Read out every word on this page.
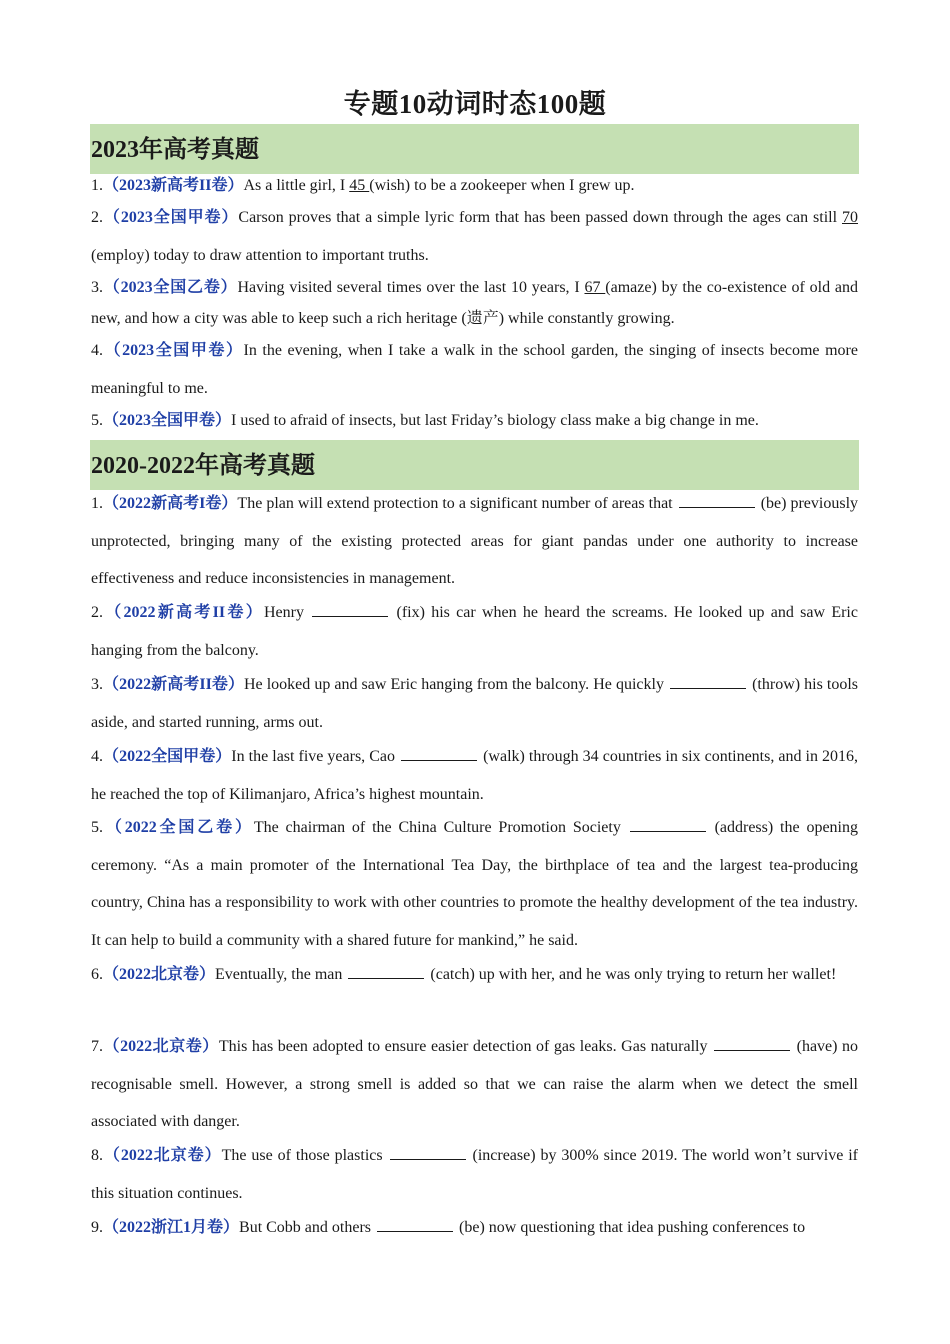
专题10动词时态100题
2023年高考真题
1.（2023新高考II卷）As a little girl, I 45 (wish) to be a zookeeper when I grew up.
2.（2023全国甲卷）Carson proves that a simple lyric form that has been passed down through the ages can still 70 (employ) today to draw attention to important truths.
3.（2023全国乙卷）Having visited several times over the last 10 years, I 67 (amaze) by the co-existence of old and new, and how a city was able to keep such a rich heritage (遗产) while constantly growing.
4.（2023全国甲卷）In the evening, when I take a walk in the school garden, the singing of insects become more meaningful to me.
5.（2023全国甲卷）I used to afraid of insects, but last Friday’s biology class make a big change in me.
2020-2022年高考真题
1.（2022新高考I卷）The plan will extend protection to a significant number of areas that	(be) previously unprotected, bringing many of the existing protected areas for giant pandas under one authority to increase effectiveness and reduce inconsistencies in management.
2.（2022新高考II卷）Henry	(fix) his car when he heard the screams. He looked up and saw Eric hanging from the balcony.
3.（2022新高考II卷）He looked up and saw Eric hanging from the balcony. He quickly	(throw) his tools aside, and started running, arms out.
4.（2022全国甲卷）In the last five years, Cao	(walk) through 34 countries in six continents, and in 2016, he reached the top of Kilimanjaro, Africa’s highest mountain.
5.（2022全国乙卷）The chairman of the China Culture Promotion Society	(address) the opening ceremony. “As a main promoter of the International Tea Day, the birthplace of tea and the largest tea-producing country, China has a responsibility to work with other countries to promote the healthy development of the tea industry. It can help to build a community with a shared future for mankind,” he said.
6.（2022北京卷）Eventually, the man	(catch) up with her, and he was only trying to return her wallet!
7.（2022北京卷）This has been adopted to ensure easier detection of gas leaks. Gas naturally	(have) no recognisable smell. However, a strong smell is added so that we can raise the alarm when we detect the smell associated with danger.
8.（2022北京卷）The use of those plastics	(increase) by 300% since 2019. The world won’t survive if this situation continues.
9.（2022浙江1月卷）But Cobb and others	(be) now questioning that idea pushing conferences to
